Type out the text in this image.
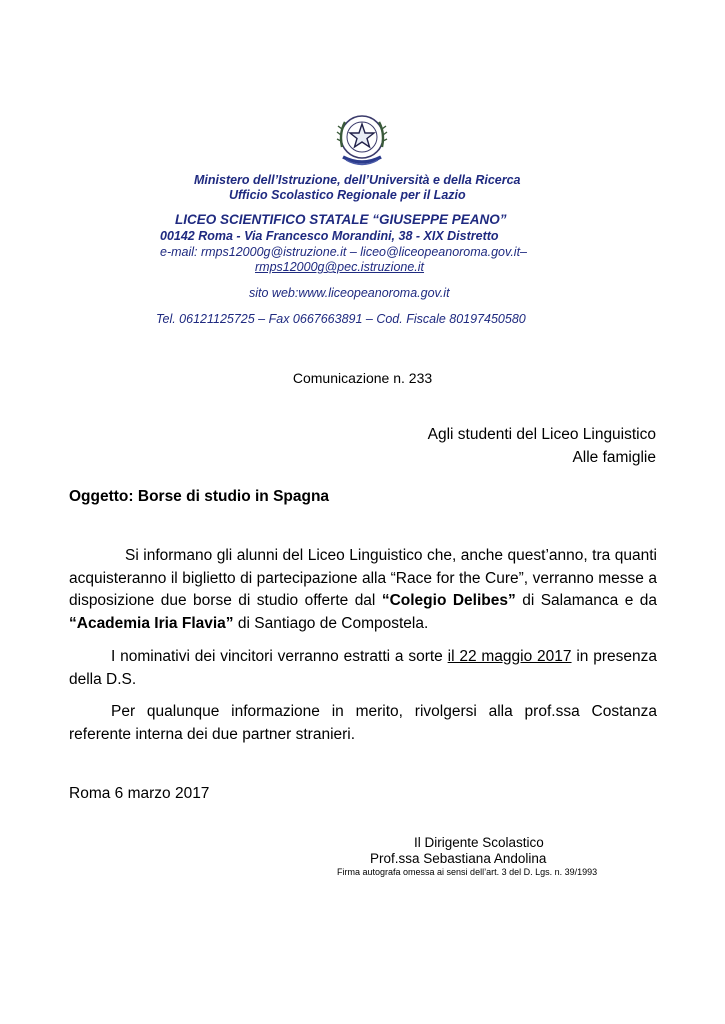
Ministero dell’Istruzione, dell’Università e della Ricerca
Ufficio Scolastico Regionale per il Lazio
LICEO SCIENTIFICO STATALE “GIUSEPPE PEANO”
00142 Roma - Via Francesco Morandini, 38 - XIX Distretto
e-mail: rmps12000g@istruzione.it – liceo@liceopeanoroma.gov.it–
rmps12000g@pec.istruzione.it
sito web:www.liceopeanoroma.gov.it
Tel. 06121125725 – Fax 0667663891 – Cod. Fiscale 80197450580
Comunicazione n. 233
Agli studenti del Liceo Linguistico
Alle famiglie
Oggetto: Borse di studio in Spagna
Si informano gli alunni del Liceo Linguistico che, anche quest’anno, tra quanti acquisteranno il biglietto di partecipazione alla “Race for the Cure”, verranno messe a disposizione due borse di studio offerte dal “Colegio Delibes” di Salamanca e da “Academia Iria Flavia” di Santiago de Compostela.
I nominativi dei vincitori verranno estratti a sorte il 22 maggio 2017 in presenza della D.S.
Per qualunque informazione in merito, rivolgersi alla prof.ssa Costanza referente interna dei due partner stranieri.
Roma 6 marzo 2017
Il Dirigente Scolastico
Prof.ssa Sebastiana Andolina
Firma autografa omessa ai sensi dell’art. 3 del D. Lgs. n. 39/1993
